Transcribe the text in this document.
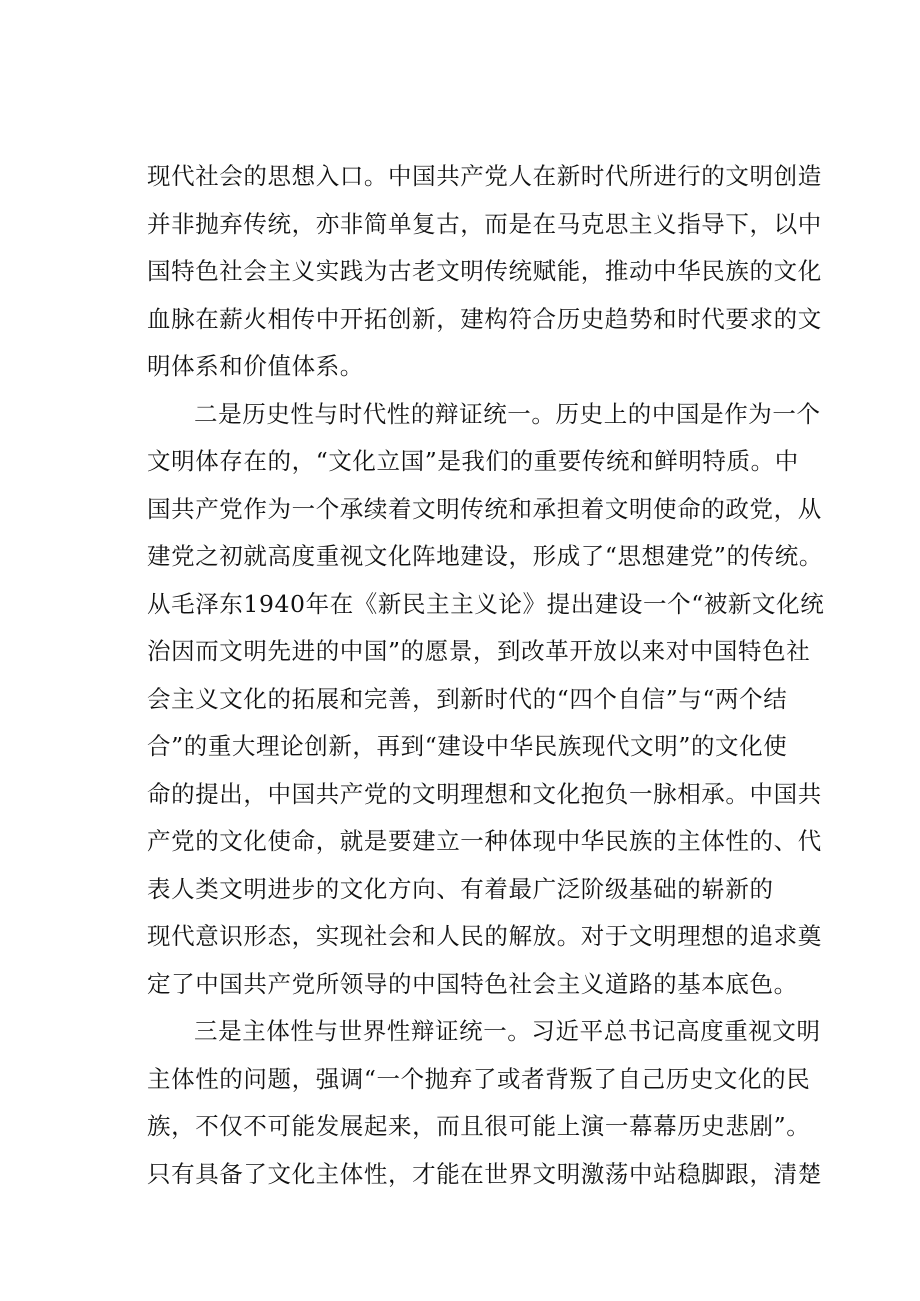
现代社会的思想入口。中国共产党人在新时代所进行的文明创造
并非抛弃传统，亦非简单复古，而是在马克思主义指导下，以中
国特色社会主义实践为古老文明传统赋能，推动中华民族的文化
血脉在薪火相传中开拓创新，建构符合历史趋势和时代要求的文
明体系和价值体系。
二是历史性与时代性的辩证统一。历史上的中国是作为一个
文明体存在的，“文化立国”是我们的重要传统和鲜明特质。中
国共产党作为一个承续着文明传统和承担着文明使命的政党，从
建党之初就高度重视文化阵地建设，形成了“思想建党”的传统。
从毛泽东1940年在《新民主主义论》提出建设一个“被新文化统
治因而文明先进的中国”的愿景，到改革开放以来对中国特色社
会主义文化的拓展和完善，到新时代的“四个自信”与“两个结
合”的重大理论创新，再到“建设中华民族现代文明”的文化使
命的提出，中国共产党的文明理想和文化抱负一脉相承。中国共
产党的文化使命，就是要建立一种体现中华民族的主体性的、代
表人类文明进步的文化方向、有着最广泛阶级基础的崭新的
现代意识形态，实现社会和人民的解放。对于文明理想的追求奠
定了中国共产党所领导的中国特色社会主义道路的基本底色。
三是主体性与世界性辩证统一。习近平总书记高度重视文明
主体性的问题，强调“一个抛弃了或者背叛了自己历史文化的民
族，不仅不可能发展起来，而且很可能上演一幕幕历史悲剧”。
只有具备了文化主体性，才能在世界文明激荡中站稳脚跟，清楚
